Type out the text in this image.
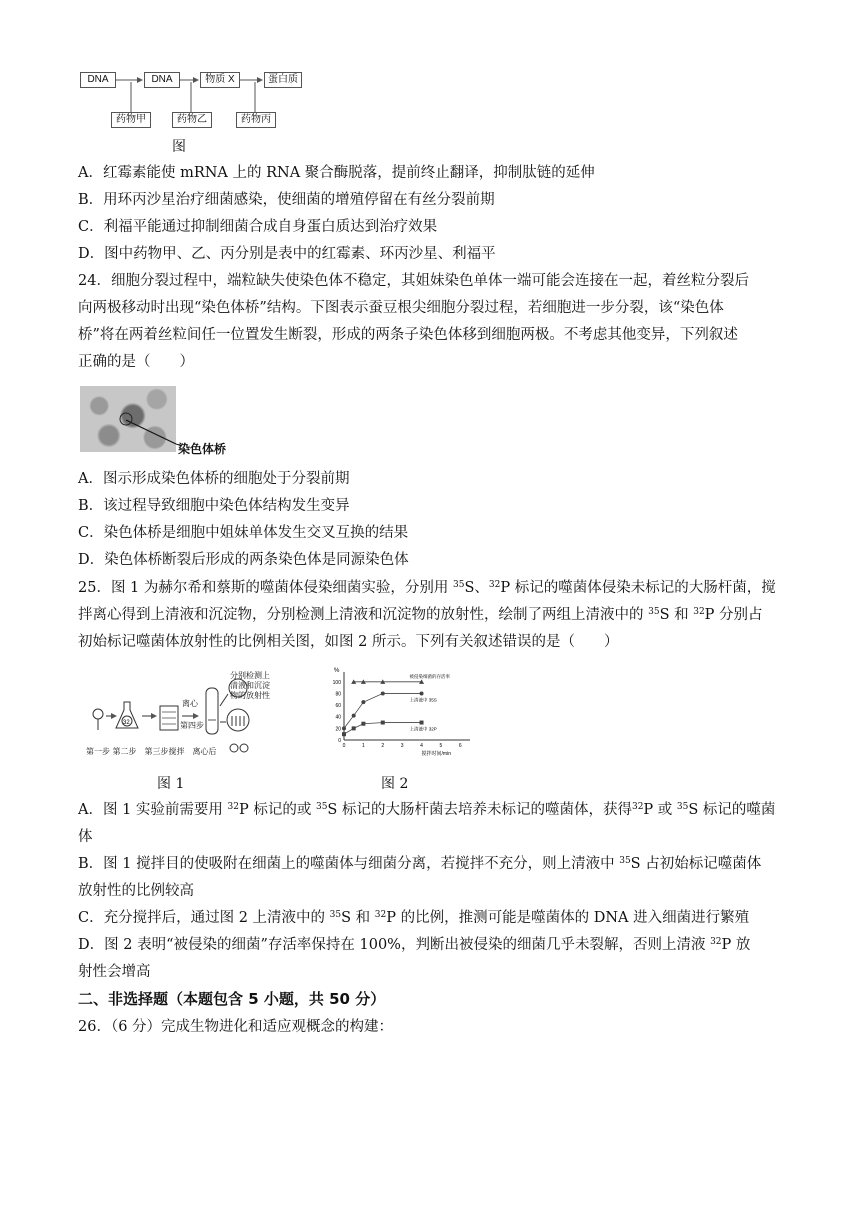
DNA	DNA	物质 X	蛋白质
药物甲	药物乙	药物丙
图
A．红霉素能使 mRNA 上的 RNA 聚合酶脱落，提前终止翻译，抑制肽链的延伸
B．用环丙沙星治疗细菌感染，使细菌的增殖停留在有丝分裂前期
C．利福平能通过抑制细菌合成自身蛋白质达到治疗效果
D．图中药物甲、乙、丙分别是表中的红霉素、环丙沙星、利福平
24．细胞分裂过程中，端粒缺失使染色体不稳定，其姐妹染色单体一端可能会连接在一起，着丝粒分裂后
向两极移动时出现“染色体桥”结构。下图表示蚕豆根尖细胞分裂过程，若细胞进一步分裂，该“染色体
桥”将在两着丝粒间任一位置发生断裂，形成的两条子染色体移到细胞两极。不考虑其他变异，下列叙述
正确的是（　　）
染色体桥
A．图示形成染色体桥的细胞处于分裂前期
B．该过程导致细胞中染色体结构发生变异
C．染色体桥是细胞中姐妹单体发生交叉互换的结果
D．染色体桥断裂后形成的两条染色体是同源染色体
25．图 1 为赫尔希和蔡斯的噬菌体侵染细菌实验，分别用 $^{35}$S、$^{32}$P 标记的噬菌体侵染未标记的大肠杆菌，搅
拌离心得到上清液和沉淀物，分别检测上清液和沉淀物的放射性，绘制了两组上清液中的 $^{35}$S 和 $^{32}$P 分别占
初始标记噬菌体放射性的比例相关图，如图 2 所示。下列有关叙述错误的是（　　）
32
分别检测上
清液和沉淀
物的放射性
离心
第四步
第一步 第二步　第三步搅拌　离心后
图 1
%
0
20
40
60
80
100
0	1	2	3	4	5	6
搅拌时间/min
被侵染细菌的存活率
上清液中 35S
上清液中 32P
图 2
A．图 1 实验前需要用 $^{32}$P 标记的或 $^{35}$S 标记的大肠杆菌去培养未标记的噬菌体，获得$^{32}$P 或 $^{35}$S 标记的噬菌
体
B．图 1 搅拌目的使吸附在细菌上的噬菌体与细菌分离，若搅拌不充分，则上清液中 $^{35}$S 占初始标记噬菌体
放射性的比例较高
C．充分搅拌后，通过图 2 上清液中的 $^{35}$S 和 $^{32}$P 的比例，推测可能是噬菌体的 DNA 进入细菌进行繁殖
D．图 2 表明“被侵染的细菌”存活率保持在 100%，判断出被侵染的细菌几乎未裂解，否则上清液 $^{32}$P 放
射性会增高
二、非选择题（本题包含 5 小题，共 50 分）
26．（6 分）完成生物进化和适应观概念的构建：
